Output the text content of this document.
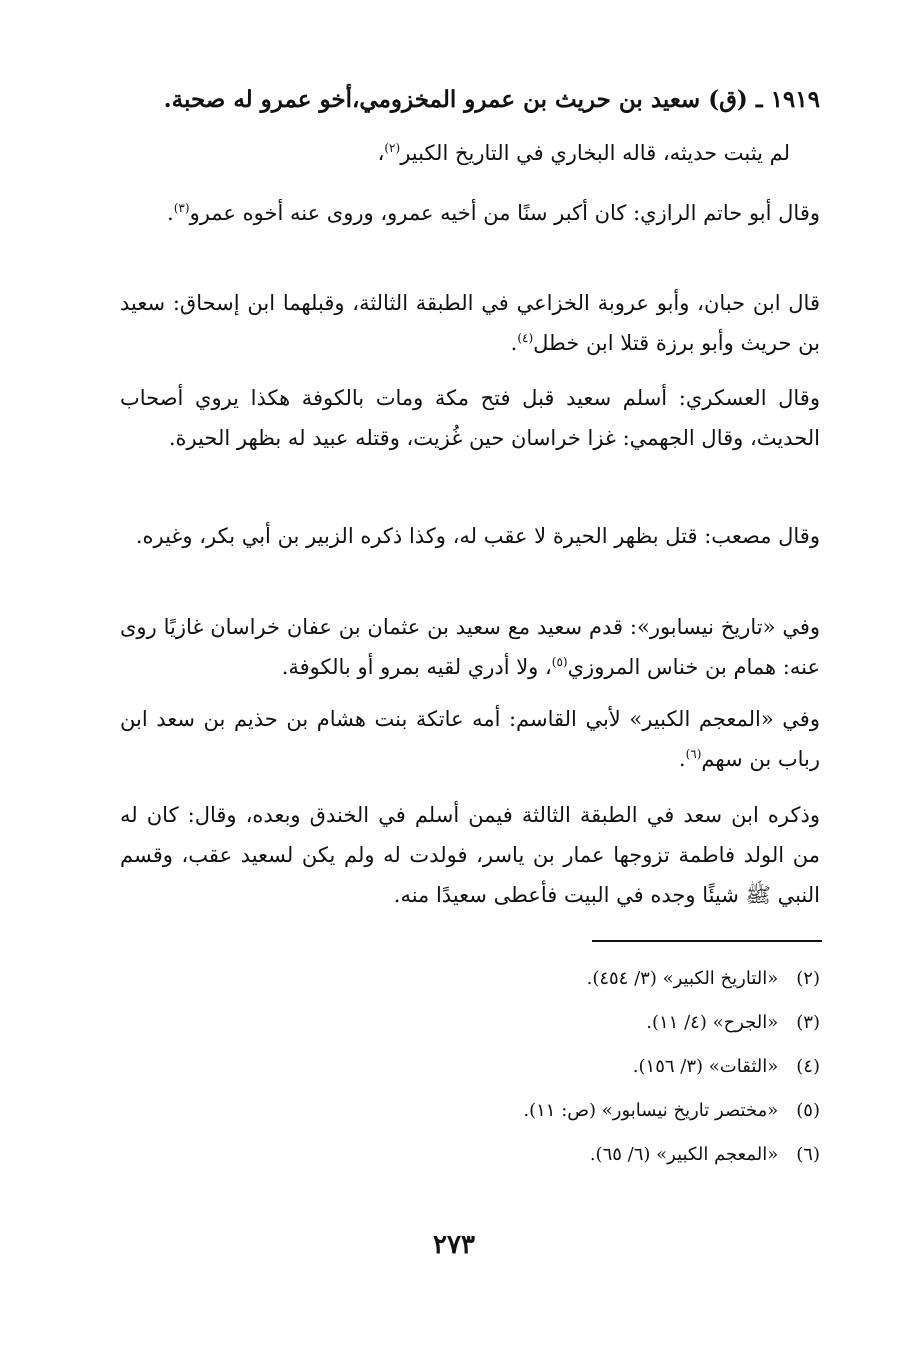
١٩١٩ ـ (ق) سعيد بن حريث بن عمرو المخزومي،أخو عمرو له صحبة.
لم يثبت حديثه، قاله البخاري في التاريخ الكبير$^{(٢)}$،
وقال أبو حاتم الرازي: كان أكبر سنًا من أخيه عمرو، وروى عنه أخوه عمرو$^{(٣)}$.
قال ابن حبان، وأبو عروبة الخزاعي في الطبقة الثالثة، وقبلهما ابن إسحاق: سعيد بن حريث وأبو برزة قتلا ابن خطل$^{(٤)}$.
وقال العسكري: أسلم سعيد قبل فتح مكة ومات بالكوفة هكذا يروي أصحاب الحديث، وقال الجهمي: غزا خراسان حين غُزيت، وقتله عبيد له بظهر الحيرة.
وقال مصعب: قتل بظهر الحيرة لا عقب له، وكذا ذكره الزبير بن أبي بكر، وغيره.
وفي «تاريخ نيسابور»: قدم سعيد مع سعيد بن عثمان بن عفان خراسان غازيًا روى عنه: همام بن خناس المروزي$^{(٥)}$، ولا أدري لقيه بمرو أو بالكوفة.
وفي «المعجم الكبير» لأبي القاسم: أمه عاتكة بنت هشام بن حذيم بن سعد ابن رباب بن سهم$^{(٦)}$.
وذكره ابن سعد في الطبقة الثالثة فيمن أسلم في الخندق وبعده، وقال: كان له من الولد فاطمة تزوجها عمار بن ياسر، فولدت له ولم يكن لسعيد عقب، وقسم النبي ﷺ شيئًا وجده في البيت فأعطى سعيدًا منه.
(٢) «التاريخ الكبير» (٣/ ٤٥٤).
(٣) «الجرح» (٤/ ١١).
(٤) «الثقات» (٣/ ١٥٦).
(٥) «مختصر تاريخ نيسابور» (ص: ١١).
(٦) «المعجم الكبير» (٦/ ٦٥).
٢٧٣
